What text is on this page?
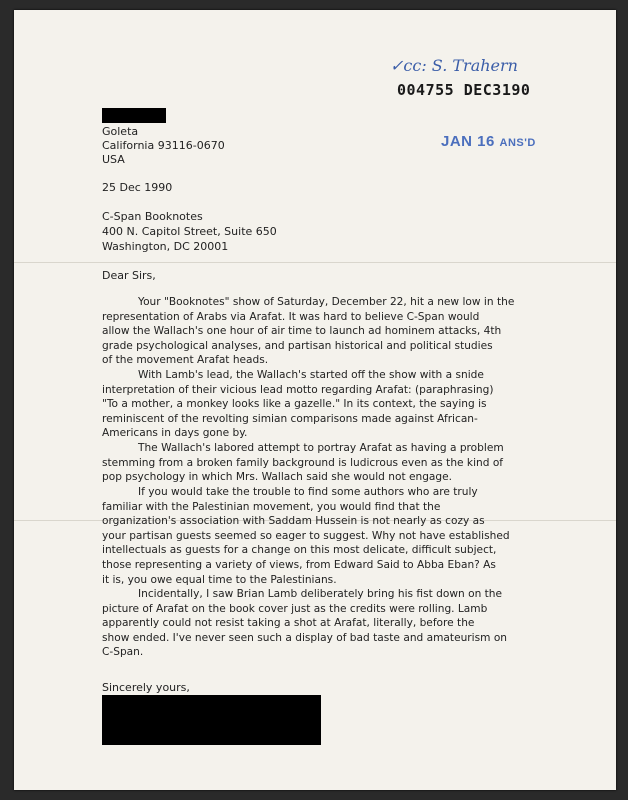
✓cc: S. Trahern
004755 DEC3190
JAN 16 ANS'D
Goleta
California 93116-0670
USA
25 Dec 1990
C-Span Booknotes
400 N. Capitol Street, Suite 650
Washington, DC 20001
Dear Sirs,
Your "Booknotes" show of Saturday, December 22, hit a new low in the
representation of Arabs via Arafat. It was hard to believe C-Span would
allow the Wallach's one hour of air time to launch ad hominem attacks, 4th
grade psychological analyses, and partisan historical and political studies
of the movement Arafat heads.
With Lamb's lead, the Wallach's started off the show with a snide
interpretation of their vicious lead motto regarding Arafat: (paraphrasing)
"To a mother, a monkey looks like a gazelle." In its context, the saying is
reminiscent of the revolting simian comparisons made against African-
Americans in days gone by.
The Wallach's labored attempt to portray Arafat as having a problem
stemming from a broken family background is ludicrous even as the kind of
pop psychology in which Mrs. Wallach said she would not engage.
If you would take the trouble to find some authors who are truly
familiar with the Palestinian movement, you would find that the
organization's association with Saddam Hussein is not nearly as cozy as
your partisan guests seemed so eager to suggest. Why not have established
intellectuals as guests for a change on this most delicate, difficult subject,
those representing a variety of views, from Edward Said to Abba Eban? As
it is, you owe equal time to the Palestinians.
Incidentally, I saw Brian Lamb deliberately bring his fist down on the
picture of Arafat on the book cover just as the credits were rolling. Lamb
apparently could not resist taking a shot at Arafat, literally, before the
show ended. I've never seen such a display of bad taste and amateurism on
C-Span.
Sincerely yours,
